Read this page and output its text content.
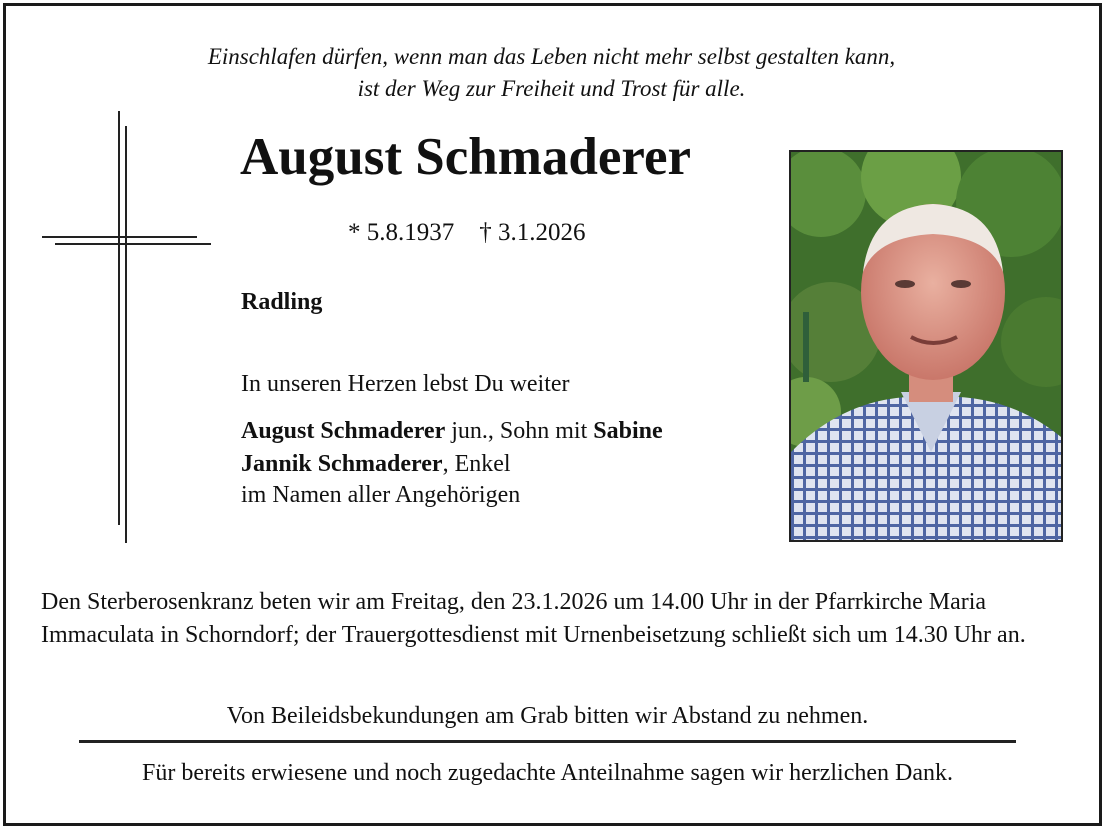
Einschlafen dürfen, wenn man das Leben nicht mehr selbst gestalten kann,
ist der Weg zur Freiheit und Trost für alle.
August Schmaderer
* 5.8.1937    † 3.1.2026
Radling
In unseren Herzen lebst Du weiter
August Schmaderer jun., Sohn mit Sabine
Jannik Schmaderer, Enkel
im Namen aller Angehörigen
Den Sterberosenkranz beten wir am Freitag, den 23.1.2026 um 14.00 Uhr in der Pfarrkirche Maria Immaculata in Schorndorf; der Trauergottesdienst mit Urnenbeisetzung schließt sich um 14.30 Uhr an.
Von Beileidsbekundungen am Grab bitten wir Abstand zu nehmen.
Für bereits erwiesene und noch zugedachte Anteilnahme sagen wir herzlichen Dank.
